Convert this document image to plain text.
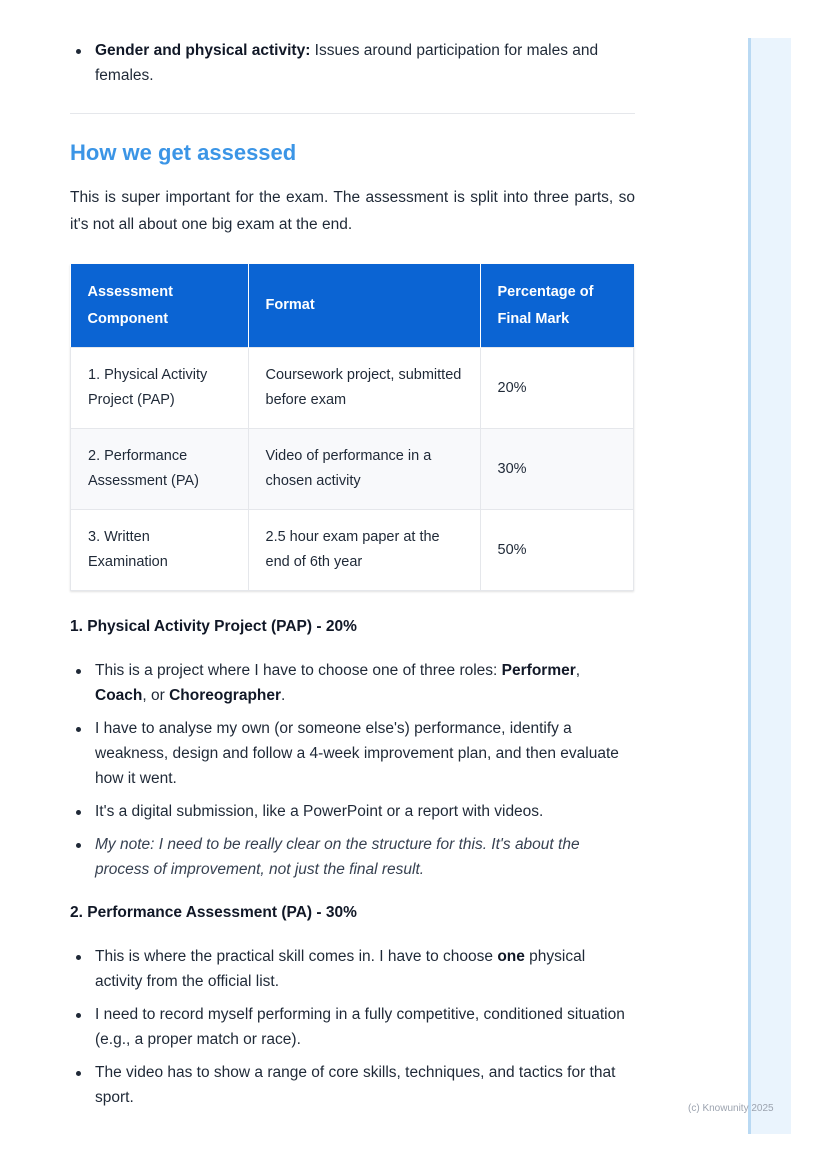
Gender and physical activity: Issues around participation for males and females.
How we get assessed

This is super important for the exam. The assessment is split into three parts, so it's not all about one big exam at the end.

Assessment Component	Format	Percentage of Final Mark
1. Physical Activity Project (PAP)	Coursework project, submitted before exam	20%
2. Performance Assessment (PA)	Video of performance in a chosen activity	30%
3. Written Examination	2.5 hour exam paper at the end of 6th year	50%
1. Physical Activity Project (PAP) - 20%
This is a project where I have to choose one of three roles: Performer, Coach, or Choreographer.
I have to analyse my own (or someone else's) performance, identify a weakness, design and follow a 4-week improvement plan, and then evaluate how it went.
It's a digital submission, like a PowerPoint or a report with videos.
My note: I need to be really clear on the structure for this. It's about the process of improvement, not just the final result.
2. Performance Assessment (PA) - 30%
This is where the practical skill comes in. I have to choose one physical activity from the official list.
I need to record myself performing in a fully competitive, conditioned situation (e.g., a proper match or race).
The video has to show a range of core skills, techniques, and tactics for that sport.
(c) Knowunity 2025
